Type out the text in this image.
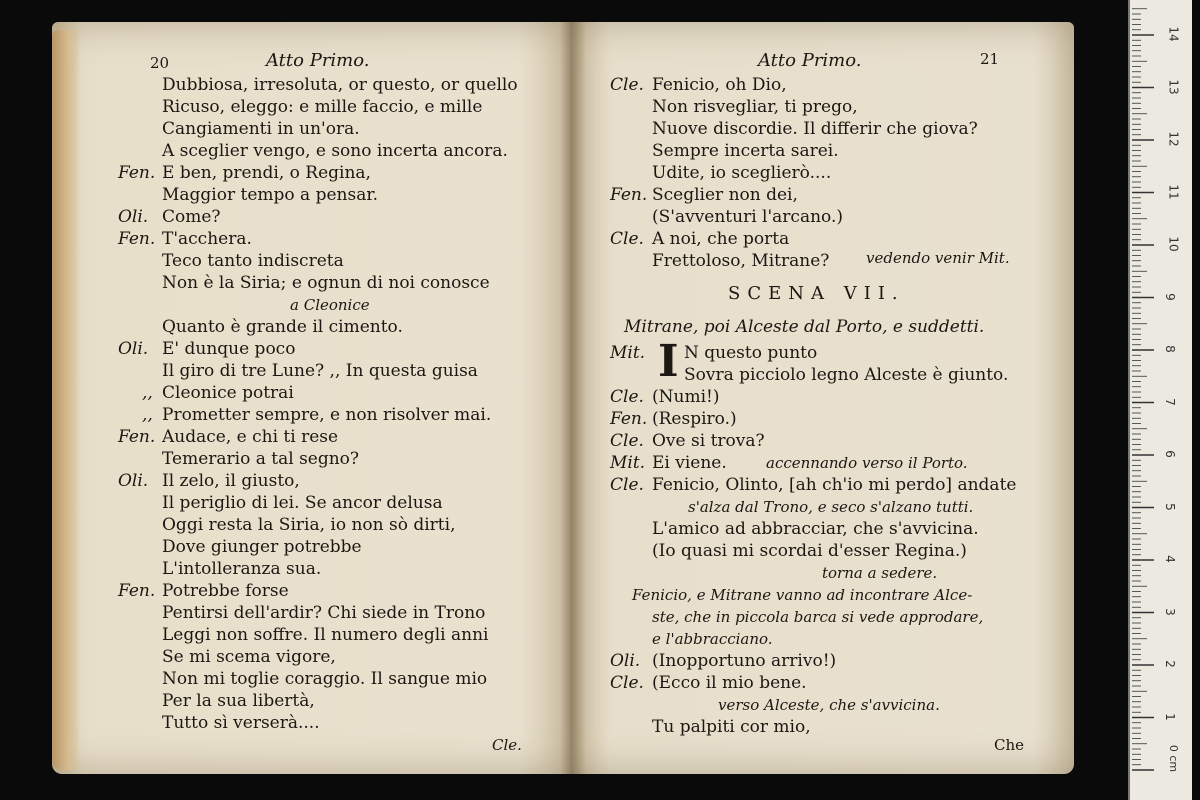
20	Atto Primo.
Dubbiosa, irresoluta, or questo, or quello
Ricuso, eleggo: e mille faccio, e mille
Cangiamenti in un'ora.
A sceglier vengo, e sono incerta ancora.
Fen. E ben, prendi, o Regina,
Maggior tempo a pensar.
Oli. Come?
Fen. T'acchera.
Teco tanto indiscreta
Non è la Siria; e ognun di noi conosce
a Cleonice
Quanto è grande il cimento.
Oli. E' dunque poco
Il giro di tre Lune? ,, In questa guisa
,, Cleonice potrai
,, Prometter sempre, e non risolver mai.
Fen. Audace, e chi ti rese
Temerario a tal segno?
Oli. Il zelo, il giusto,
Il periglio di lei. Se ancor delusa
Oggi resta la Siria, io non sò dirti,
Dove giunger potrebbe
L'intolleranza sua.
Fen. Potrebbe forse
Pentirsi dell'ardir? Chi siede in Trono
Leggi non soffre. Il numero degli anni
Se mi scema vigore,
Non mi toglie coraggio. Il sangue mio
Per la sua libertà,
Tutto sì verserà....
Cle.
Atto Primo.	21
Cle. Fenicio, oh Dio,
Non risvegliar, ti prego,
Nuove discordie. Il differir che giova?
Sempre incerta sarei.
Udite, io sceglierò....
Fen. Sceglier non dei,
(S'avventuri l'arcano.)
Cle. A noi, che porta
Frettoloso, Mitrane? vedendo venir Mit.
SCENA VII.
Mitrane, poi Alceste dal Porto, e suddetti.
Mit. I N questo punto
Sovra picciolo legno Alceste è giunto.
Cle. (Numi!)
Fen. (Respiro.)
Cle. Ove si trova?
Mit. Ei viene.	accennando verso il Porto.
Cle. Fenicio, Olinto, [ah ch'io mi perdo] andate
s'alza dal Trono, e seco s'alzano tutti.
L'amico ad abbracciar, che s'avvicina.
(Io quasi mi scordai d'esser Regina.)
torna a sedere.
Fenicio, e Mitrane vanno ad incontrare Alce-
ste, che in piccola barca si vede approdare,
e l'abbracciano.
Oli. (Inopportuno arrivo!)
Cle. (Ecco il mio bene.
verso Alceste, che s'avvicina.
Tu palpiti cor mio,
Che	0 cm
1
2
3
4
5
6
7
8
9
10
11
12
13
14
